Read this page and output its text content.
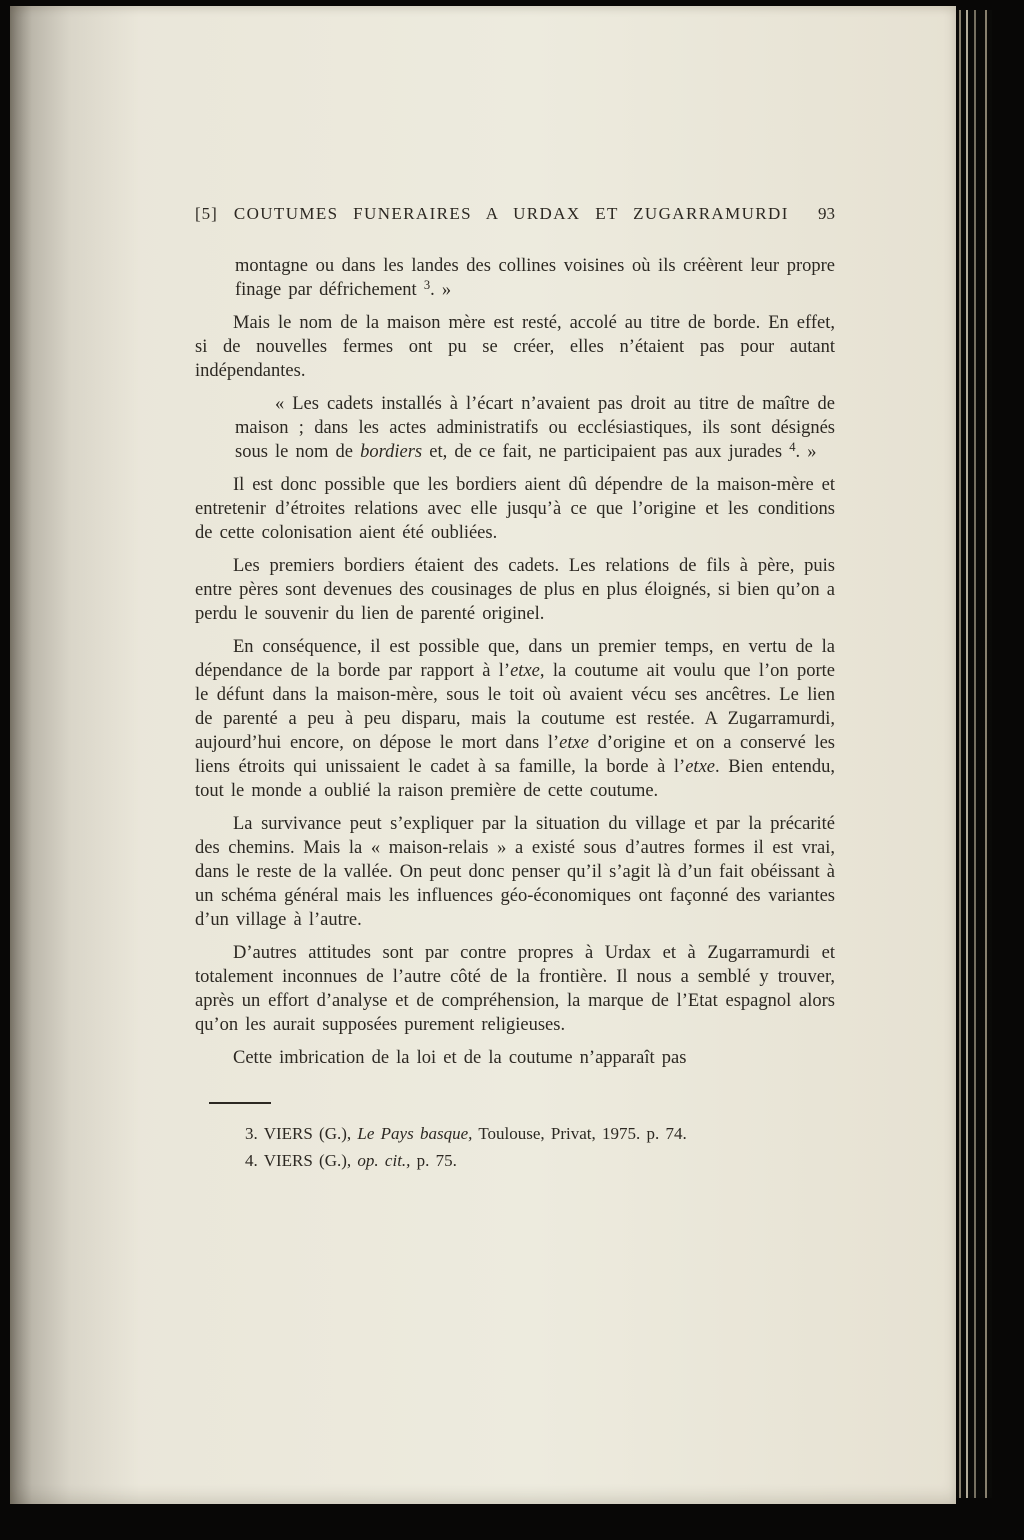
[5] COUTUMES FUNERAIRES A URDAX ET ZUGARRAMURDI	93

montagne ou dans les landes des collines voisines où ils créèrent leur propre finage par défrichement $^3$. »

Mais le nom de la maison mère est resté, accolé au titre de borde. En effet, si de nouvelles fermes ont pu se créer, elles n’étaient pas pour autant indépendantes.

« Les cadets installés à l’écart n’avaient pas droit au titre de maître de maison ; dans les actes administratifs ou ecclésiastiques, ils sont désignés sous le nom de bordiers et, de ce fait, ne participaient pas aux jurades $^4$. »

Il est donc possible que les bordiers aient dû dépendre de la maison-mère et entretenir d’étroites relations avec elle jusqu’à ce que l’origine et les conditions de cette colonisation aient été oubliées.

Les premiers bordiers étaient des cadets. Les relations de fils à père, puis entre pères sont devenues des cousinages de plus en plus éloignés, si bien qu’on a perdu le souvenir du lien de parenté originel.

En conséquence, il est possible que, dans un premier temps, en vertu de la dépendance de la borde par rapport à l’etxe, la coutume ait voulu que l’on porte le défunt dans la maison-mère, sous le toit où avaient vécu ses ancêtres. Le lien de parenté a peu à peu disparu, mais la coutume est restée. A Zugarramurdi, aujourd’hui encore, on dépose le mort dans l’etxe d’origine et on a conservé les liens étroits qui unissaient le cadet à sa famille, la borde à l’etxe. Bien entendu, tout le monde a oublié la raison première de cette coutume.

La survivance peut s’expliquer par la situation du village et par la précarité des chemins. Mais la « maison-relais » a existé sous d’autres formes il est vrai, dans le reste de la vallée. On peut donc penser qu’il s’agit là d’un fait obéissant à un schéma général mais les influences géo-économiques ont façonné des variantes d’un village à l’autre.

D’autres attitudes sont par contre propres à Urdax et à Zugarramurdi et totalement inconnues de l’autre côté de la frontière. Il nous a semblé y trouver, après un effort d’analyse et de compréhension, la marque de l’Etat espagnol alors qu’on les aurait supposées purement religieuses.

Cette imbrication de la loi et de la coutume n’apparaît pas

3. VIERS (G.), Le Pays basque, Toulouse, Privat, 1975. p. 74.

4. VIERS (G.), op. cit., p. 75.
